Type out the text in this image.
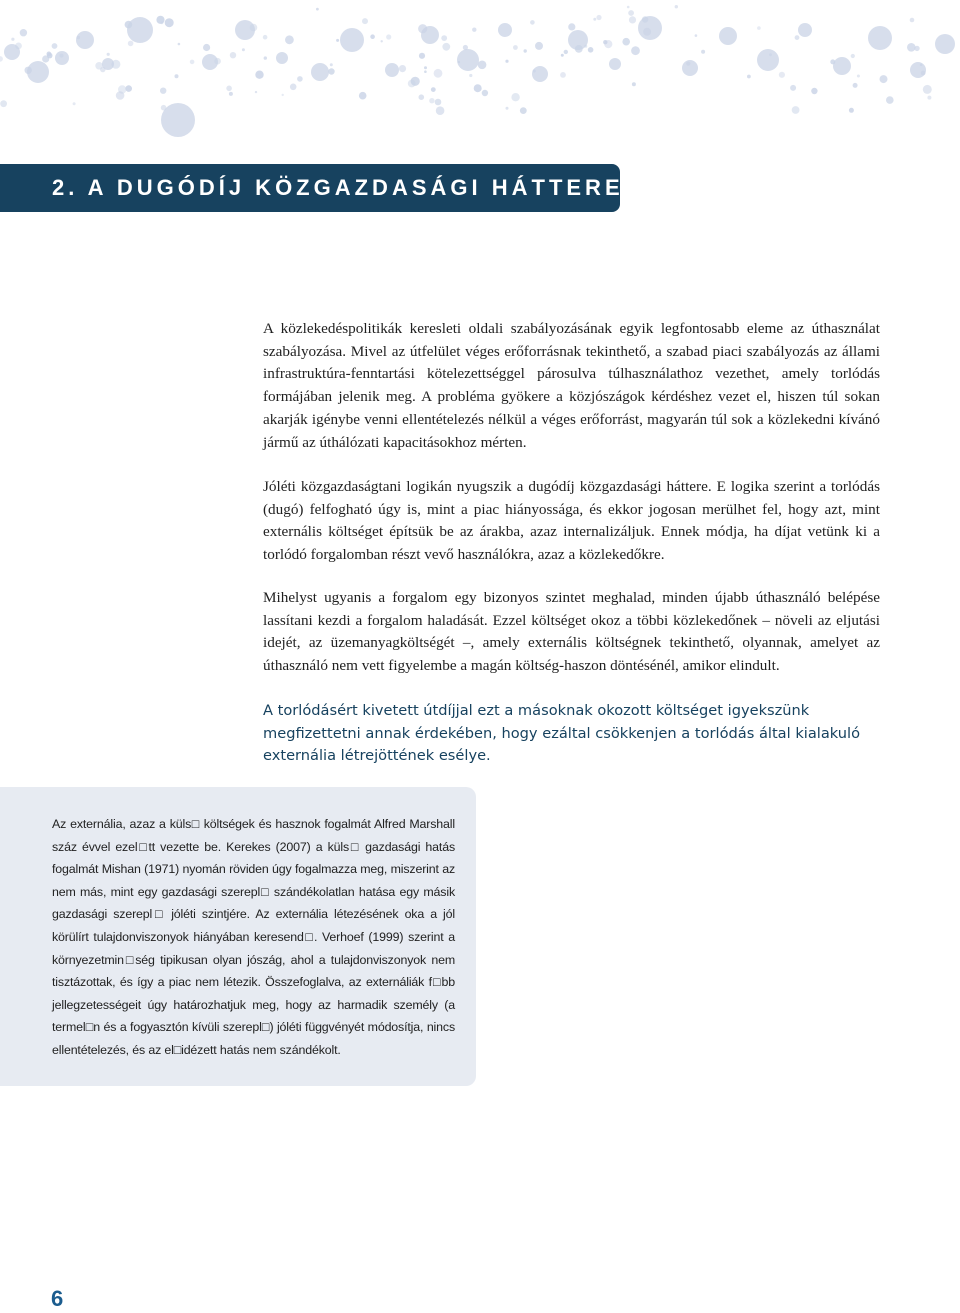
2. A DUGÓDÍJ KÖZGAZDASÁGI HÁTTERE

A közlekedéspolitikák keresleti oldali szabályozásának egyik legfontosabb eleme az úthasználat szabályozása. Mivel az útfelület véges erőforrásnak tekinthető, a szabad piaci szabályozás az állami infrastruktúra-fenntartási kötelezettséggel párosulva túlhasználathoz vezethet, amely torlódás formájában jelenik meg. A probléma gyökere a közjószágok kérdéshez vezet el, hiszen túl sokan akarják igénybe venni ellentételezés nélkül a véges erőforrást, magyarán túl sok a közlekedni kívánó jármű az úthálózati kapacitásokhoz mérten.

Jóléti közgazdaságtani logikán nyugszik a dugódíj közgazdasági háttere. E logika szerint a torlódás (dugó) felfogható úgy is, mint a piac hiányossága, és ekkor jogosan merülhet fel, hogy azt, mint externális költséget építsük be az árakba, azaz internalizáljuk. Ennek módja, ha díjat vetünk ki a torlódó forgalomban részt vevő használókra, azaz a közlekedőkre.

Mihelyst ugyanis a forgalom egy bizonyos szintet meghalad, minden újabb úthasználó belépése lassítani kezdi a forgalom haladását. Ezzel költséget okoz a többi közlekedőnek – növeli az eljutási idejét, az üzemanyagköltségét –, amely externális költségnek tekinthető, olyannak, amelyet az úthasználó nem vett figyelembe a magán költség-haszon döntésénél, amikor elindult.

A torlódásért kivetett útdíjjal ezt a másoknak okozott költséget igyekszünk megfizettetni annak érdekében, hogy ezáltal csökkenjen a torlódás által kialakuló externália létrejöttének esélye.

Az externália, azaz a küls□ költségek és hasznok fogalmát Alfred Marshall száz évvel ezel□tt vezette be. Kerekes (2007) a küls□ gazdasági hatás fogalmát Mishan (1971) nyomán röviden úgy fogalmazza meg, miszerint az nem más, mint egy gazdasági szerepl□ szándékolatlan hatása egy másik gazdasági szerepl□ jóléti szintjére. Az externália létezésének oka a jól körülírt tulajdonviszonyok hiányában keresend□. Verhoef (1999) szerint a környezetmin□ség tipikusan olyan jószág, ahol a tulajdonviszonyok nem tisztázottak, és így a piac nem létezik. Összefoglalva, az externáliák f□bb jellegzetességeit úgy határozhatjuk meg, hogy az harmadik személy (a termel□n és a fogyasztón kívüli szerepl□) jóléti függvényét módosítja, nincs ellentételezés, és az el□idézett hatás nem szándékolt.

6
